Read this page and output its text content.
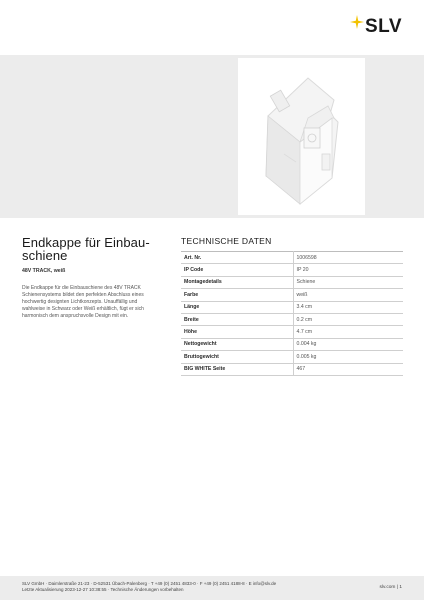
SLV
Endkappe für Einbau-
schiene
48V TRACK, weiß
Die Endkappe für die Einbauschiene des 48V TRACK Schienensystems bildet den perfekten Abschluss eines hochwertig designten Lichtkonzepts. Unauffällig und wahlweise in Schwarz oder Weiß erhältlich, fügt er sich harmonisch dem anspruchsvolle Design mit ein.
TECHNISCHE DATEN
Art. Nr.	1006598
IP Code	IP 20
Montagedetails	Schiene
Farbe	weiß
Länge	3.4 cm
Breite	0.2 cm
Höhe	4.7 cm
Nettogewicht	0.004 kg
Bruttogewicht	0.005 kg
BIG WHITE Seite	467
SLV GmbH · Daimlerstraße 21-23 · D-52531 Übach-Palenberg · T +49 (0) 2451 4833-0 · F +49 (0) 2451 4188-8 · E info@slv.de
Letzte Aktualisierung 2023-12-27 10:38:55 · Technische Änderungen vorbehalten	slv.com | 1
